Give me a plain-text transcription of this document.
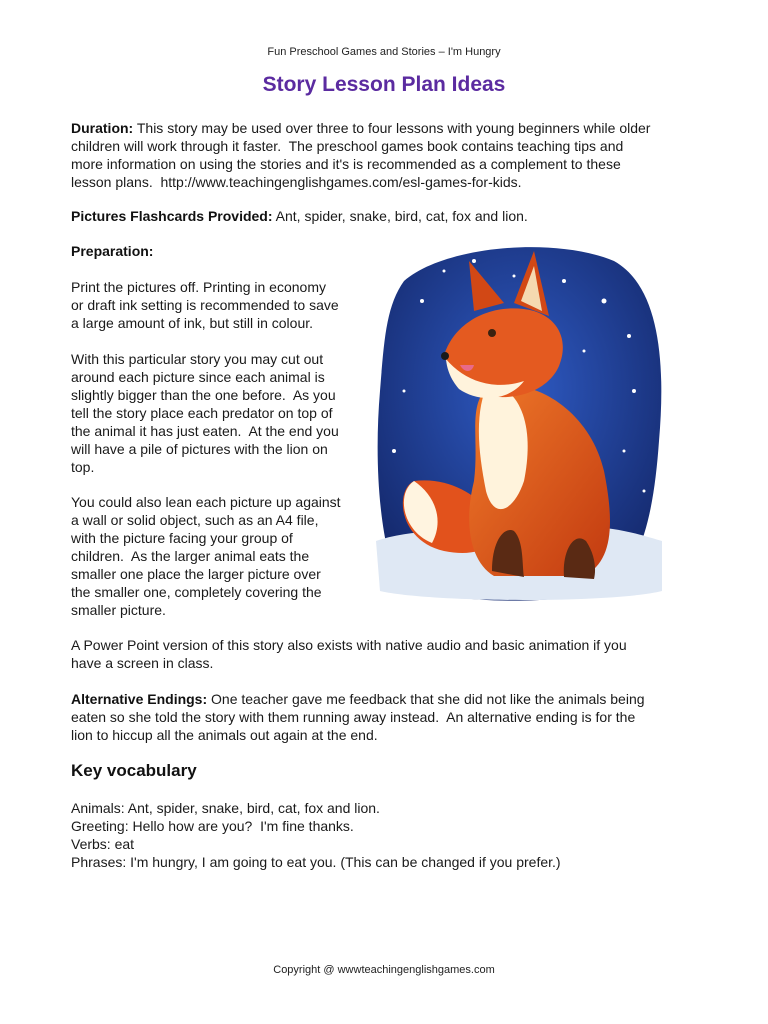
Fun Preschool Games and Stories – I'm Hungry
Story Lesson Plan Ideas
Duration: This story may be used over three to four lessons with young beginners while older
children will work through it faster.  The preschool games book contains teaching tips and
more information on using the stories and it's is recommended as a complement to these
lesson plans.  http://www.teachingenglishgames.com/esl-games-for-kids.
Pictures Flashcards Provided: Ant, spider, snake, bird, cat, fox and lion.
Preparation:
Print the pictures off. Printing in economy
or draft ink setting is recommended to save
a large amount of ink, but still in colour.
With this particular story you may cut out
around each picture since each animal is
slightly bigger than the one before.  As you
tell the story place each predator on top of
the animal it has just eaten.  At the end you
will have a pile of pictures with the lion on
top.
You could also lean each picture up against
a wall or solid object, such as an A4 file,
with the picture facing your group of
children.  As the larger animal eats the
smaller one place the larger picture over
the smaller one, completely covering the
smaller picture.
A Power Point version of this story also exists with native audio and basic animation if you
have a screen in class.
Alternative Endings: One teacher gave me feedback that she did not like the animals being
eaten so she told the story with them running away instead.  An alternative ending is for the
lion to hiccup all the animals out again at the end.
Key vocabulary
Animals: Ant, spider, snake, bird, cat, fox and lion.
Greeting: Hello how are you?  I'm fine thanks.
Verbs: eat
Phrases: I'm hungry, I am going to eat you. (This can be changed if you prefer.)
Copyright @ wwwteachingenglishgames.com
